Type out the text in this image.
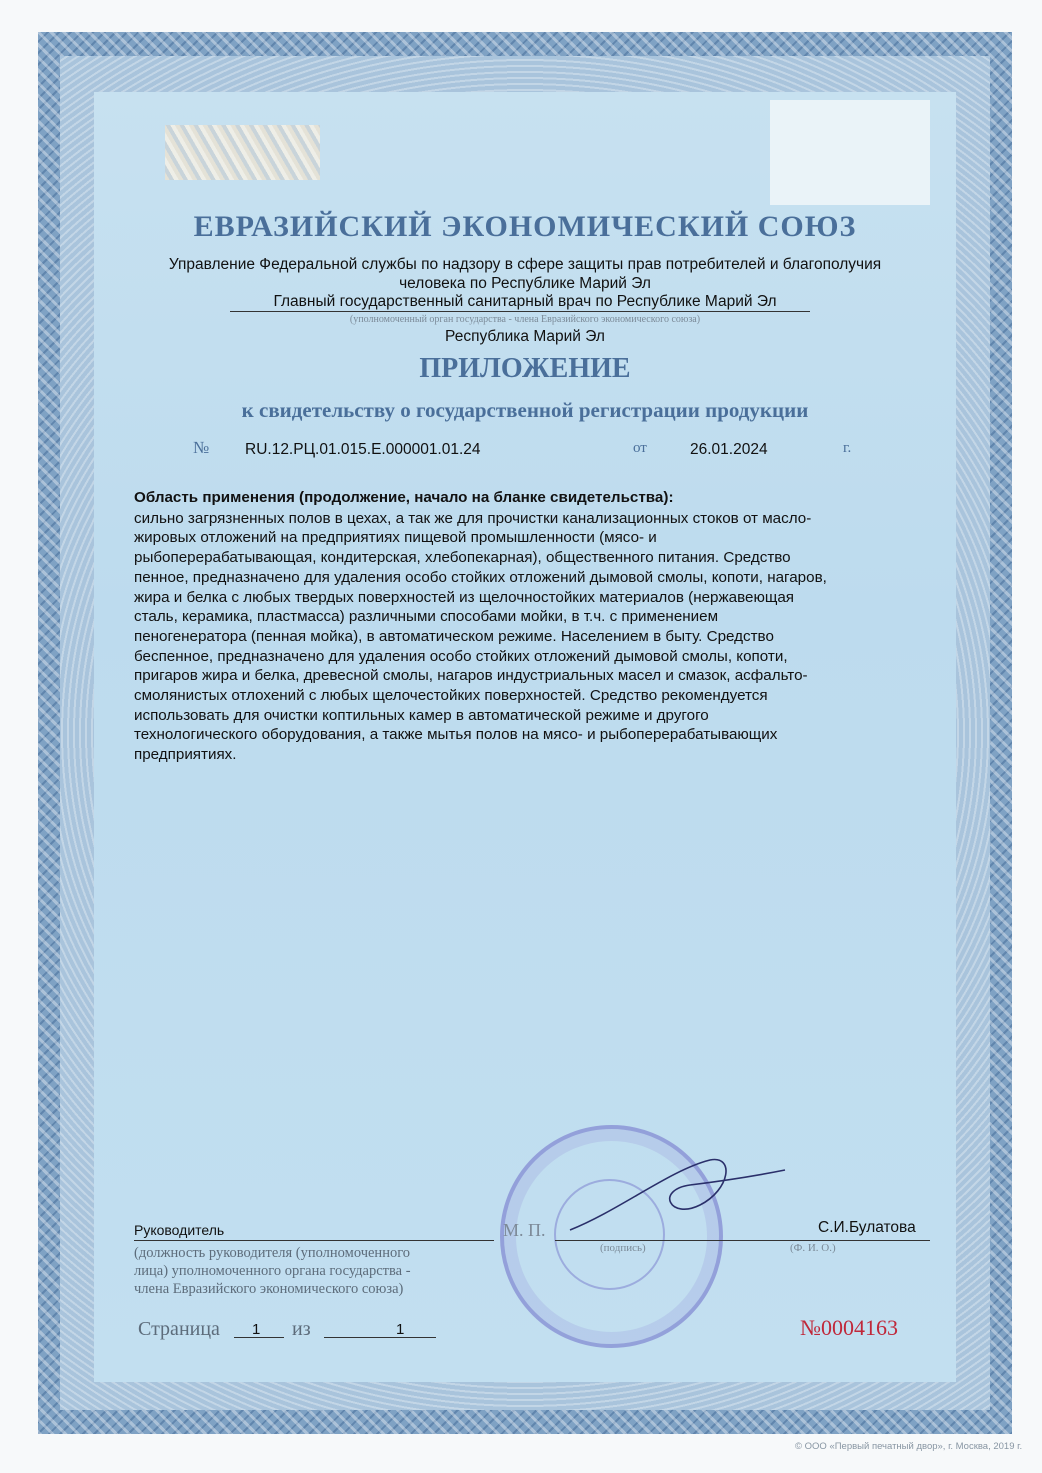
ЕВРАЗИЙСКИЙ ЭКОНОМИЧЕСКИЙ СОЮЗ
Управление Федеральной службы по надзору в сфере защиты прав потребителей и благополучия
человека по Республике Марий Эл
Главный государственный санитарный врач по Республике Марий Эл
(уполномоченный орган государства - члена Евразийского экономического союза)
Республика Марий Эл
ПРИЛОЖЕНИЕ
к свидетельству о государственной регистрации продукции
№ RU.12.РЦ.01.015.Е.000001.01.24	от	26.01.2024	г.
Область применения (продолжение, начало на бланке свидетельства):
сильно загрязненных полов в цехах, а так же для прочистки канализационных стоков от масло-
жировых отложений на предприятиях пищевой промышленности (мясо- и
рыбоперерабатывающая, кондитерская, хлебопекарная), общественного питания. Средство
пенное, предназначено для удаления особо стойких отложений дымовой смолы, копоти, нагаров,
жира и белка с любых твердых поверхностей из щелочностойких материалов (нержавеющая
сталь, керамика, пластмасса) различными способами мойки, в т.ч. с применением
пеногенератора (пенная мойка), в автоматическом режиме. Населением в быту. Средство
беспенное, предназначено для удаления особо стойких отложений дымовой смолы, копоти,
пригаров жира и белка, древесной смолы, нагаров индустриальных масел и смазок, асфальто-
смолянистых отлохений с любых щелочестойких поверхностей. Средство рекомендуется
использовать для очистки коптильных камер в автоматической режиме и другого
технологического оборудования, а также мытья полов на мясо- и рыбоперерабатывающих
предприятиях.
Руководитель
(должность руководителя (уполномоченного
лица) уполномоченного органа государства -
члена Евразийского экономического союза)
М. П.
(подпись)
С.И.Булатова
(Ф. И. О.)
Страница 1 из	1	№0004163
© ООО «Первый печатный двор», г. Москва, 2019 г.
